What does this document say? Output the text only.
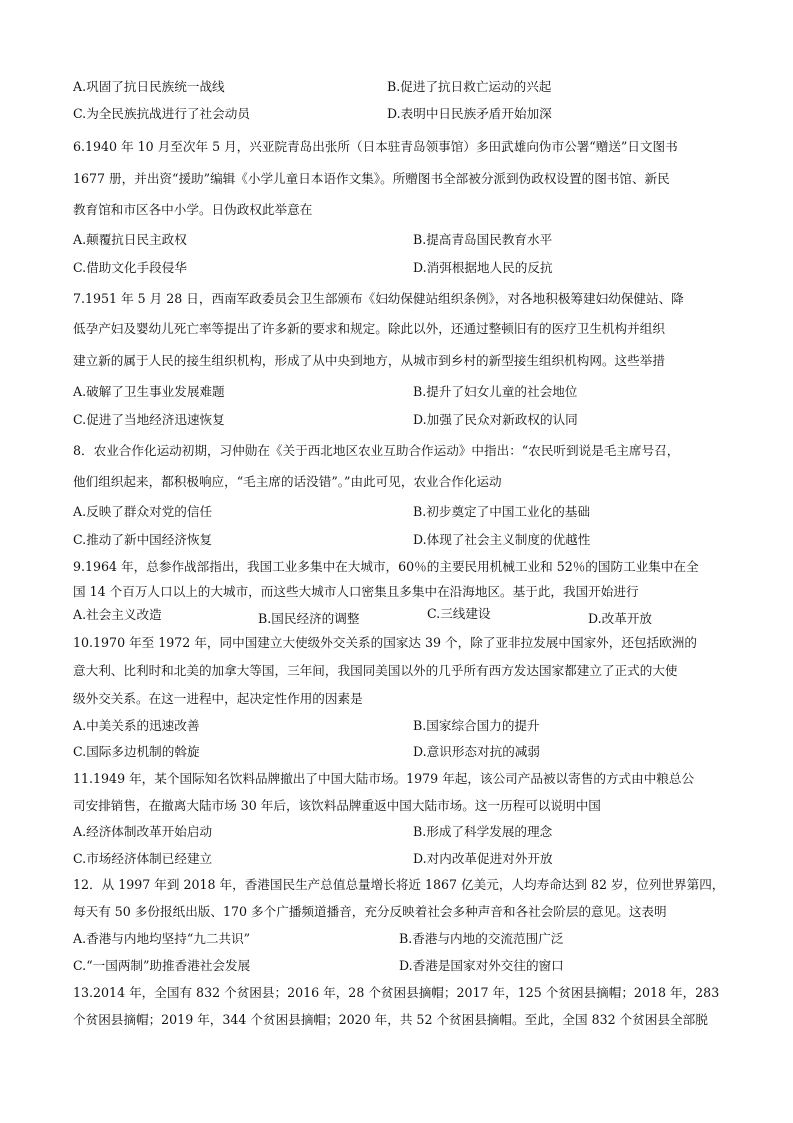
A.巩固了抗日民族统一战线	B.促进了抗日救亡运动的兴起
C.为全民族抗战进行了社会动员	D.表明中日民族矛盾开始加深
6.1940 年 10 月至次年 5 月，兴亚院青岛出张所（日本驻青岛领事馆）多田武雄向伪市公署“赠送”日文图书
1677 册，并出资“援助”编辑《小学儿童日本语作文集》。所赠图书全部被分派到伪政权设置的图书馆、新民
教育馆和市区各中小学。日伪政权此举意在
A.颠覆抗日民主政权	B.提高青岛国民教育水平
C.借助文化手段侵华	D.消弭根据地人民的反抗
7.1951 年 5 月 28 日，西南军政委员会卫生部颁布《妇幼保健站组织条例》，对各地积极筹建妇幼保健站、降
低孕产妇及婴幼儿死亡率等提出了许多新的要求和规定。除此以外，还通过整顿旧有的医疗卫生机构并组织
建立新的属于人民的接生组织机构，形成了从中央到地方，从城市到乡村的新型接生组织机构网。这些举措
A.破解了卫生事业发展难题	B.提升了妇女儿童的社会地位
C.促进了当地经济迅速恢复	D.加强了民众对新政权的认同
8．农业合作化运动初期，习仲勋在《关于西北地区农业互助合作运动》中指出：“农民听到说是毛主席号召，
他们组织起来，都积极响应，“毛主席的话没错”。”由此可见，农业合作化运动
A.反映了群众对党的信任	B.初步奠定了中国工业化的基础
C.推动了新中国经济恢复	D.体现了社会主义制度的优越性
9.1964 年，总参作战部指出，我国工业多集中在大城市，60％的主要民用机械工业和 52％的国防工业集中在全
国 14 个百万人口以上的大城市，而这些大城市人口密集且多集中在沿海地区。基于此，我国开始进行
A.社会主义改造	B.国民经济的调整	C.三线建设	D.改革开放
10.1970 年至 1972 年，同中国建立大使级外交关系的国家达 39 个，除了亚非拉发展中国家外，还包括欧洲的
意大利、比利时和北美的加拿大等国，三年间，我国同美国以外的几乎所有西方发达国家都建立了正式的大使
级外交关系。在这一进程中，起决定性作用的因素是
A.中美关系的迅速改善	B.国家综合国力的提升
C.国际多边机制的斡旋	D.意识形态对抗的减弱
11.1949 年，某个国际知名饮料品牌撤出了中国大陆市场。1979 年起，该公司产品被以寄售的方式由中粮总公
司安排销售，在撤离大陆市场 30 年后，该饮料品牌重返中国大陆市场。这一历程可以说明中国
A.经济体制改革开始启动	B.形成了科学发展的理念
C.市场经济体制已经建立	D.对内改革促进对外开放
12．从 1997 年到 2018 年，香港国民生产总值总量增长将近 1867 亿美元，人均寿命达到 82 岁，位列世界第四，
每天有 50 多份报纸出版、170 多个广播频道播音，充分反映着社会多种声音和各社会阶层的意见。这表明
A.香港与内地均坚持“九二共识”	B.香港与内地的交流范围广泛
C.“一国两制”助推香港社会发展	D.香港是国家对外交往的窗口
13.2014 年，全国有 832 个贫困县；2016 年，28 个贫困县摘帽；2017 年，125 个贫困县摘帽；2018 年，283
个贫困县摘帽；2019 年，344 个贫困县摘帽；2020 年，共 52 个贫困县摘帽。至此，全国 832 个贫困县全部脱
